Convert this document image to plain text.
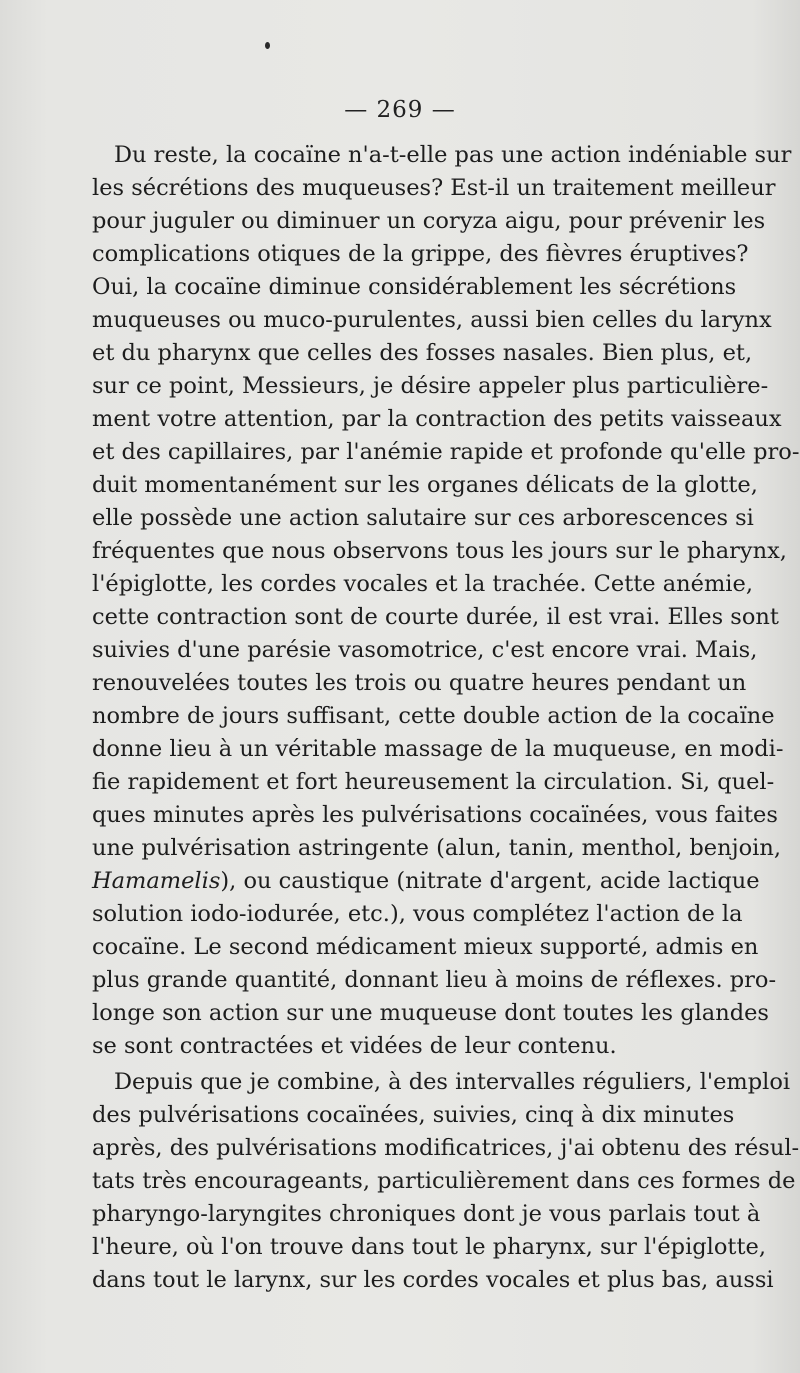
— 269 —
Du reste, la cocaïne n'a-t-elle pas une action indéniable sur
les sécrétions des muqueuses? Est-il un traitement meilleur
pour juguler ou diminuer un coryza aigu, pour prévenir les
complications otiques de la grippe, des fièvres éruptives?
Oui, la cocaïne diminue considérablement les sécrétions
muqueuses ou muco-purulentes, aussi bien celles du larynx
et du pharynx que celles des fosses nasales. Bien plus, et,
sur ce point, Messieurs, je désire appeler plus particulière-
ment votre attention, par la contraction des petits vaisseaux
et des capillaires, par l'anémie rapide et profonde qu'elle pro-
duit momentanément sur les organes délicats de la glotte,
elle possède une action salutaire sur ces arborescences si
fréquentes que nous observons tous les jours sur le pharynx,
l'épiglotte, les cordes vocales et la trachée. Cette anémie,
cette contraction sont de courte durée, il est vrai. Elles sont
suivies d'une parésie vasomotrice, c'est encore vrai. Mais,
renouvelées toutes les trois ou quatre heures pendant un
nombre de jours suffisant, cette double action de la cocaïne
donne lieu à un véritable massage de la muqueuse, en modi-
fie rapidement et fort heureusement la circulation. Si, quel-
ques minutes après les pulvérisations cocaïnées, vous faites
une pulvérisation astringente (alun, tanin, menthol, benjoin,
Hamamelis), ou caustique (nitrate d'argent, acide lactique
solution iodo-iodurée, etc.), vous complétez l'action de la
cocaïne. Le second médicament mieux supporté, admis en
plus grande quantité, donnant lieu à moins de réflexes. pro-
longe son action sur une muqueuse dont toutes les glandes
se sont contractées et vidées de leur contenu.
Depuis que je combine, à des intervalles réguliers, l'emploi
des pulvérisations cocaïnées, suivies, cinq à dix minutes
après, des pulvérisations modificatrices, j'ai obtenu des résul-
tats très encourageants, particulièrement dans ces formes de
pharyngo-laryngites chroniques dont je vous parlais tout à
l'heure, où l'on trouve dans tout le pharynx, sur l'épiglotte,
dans tout le larynx, sur les cordes vocales et plus bas, aussi
